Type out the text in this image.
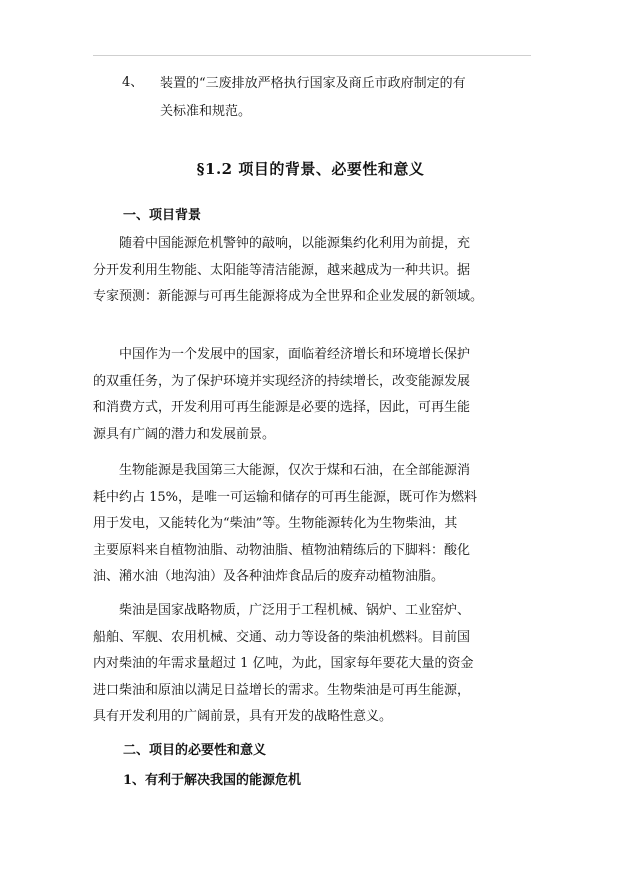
4、 装置的“三废排放严格执行国家及商丘市政府制定的有
关标准和规范。
§1.2 项目的背景、必要性和意义
一、项目背景
随着中国能源危机警钟的敲响，以能源集约化利用为前提，充
分开发利用生物能、太阳能等清洁能源，越来越成为一种共识。据
专家预测：新能源与可再生能源将成为全世界和企业发展的新领域。
中国作为一个发展中的国家，面临着经济增长和环境增长保护
的双重任务，为了保护环境并实现经济的持续增长，改变能源发展
和消费方式，开发利用可再生能源是必要的选择，因此，可再生能
源具有广阔的潜力和发展前景。
生物能源是我国第三大能源，仅次于煤和石油，在全部能源消
耗中约占 15%，是唯一可运输和储存的可再生能源，既可作为燃料
用于发电，又能转化为“柴油”等。生物能源转化为生物柴油，其
主要原料来自植物油脂、动物油脂、植物油精练后的下脚料：酸化
油、潲水油（地沟油）及各种油炸食品后的废弃动植物油脂。
柴油是国家战略物质，广泛用于工程机械、锅炉、工业窑炉、
船舶、军舰、农用机械、交通、动力等设备的柴油机燃料。目前国
内对柴油的年需求量超过 1 亿吨，为此，国家每年要花大量的资金
进口柴油和原油以满足日益增长的需求。生物柴油是可再生能源，
具有开发利用的广阔前景，具有开发的战略性意义。
二、项目的必要性和意义
1、有利于解决我国的能源危机
